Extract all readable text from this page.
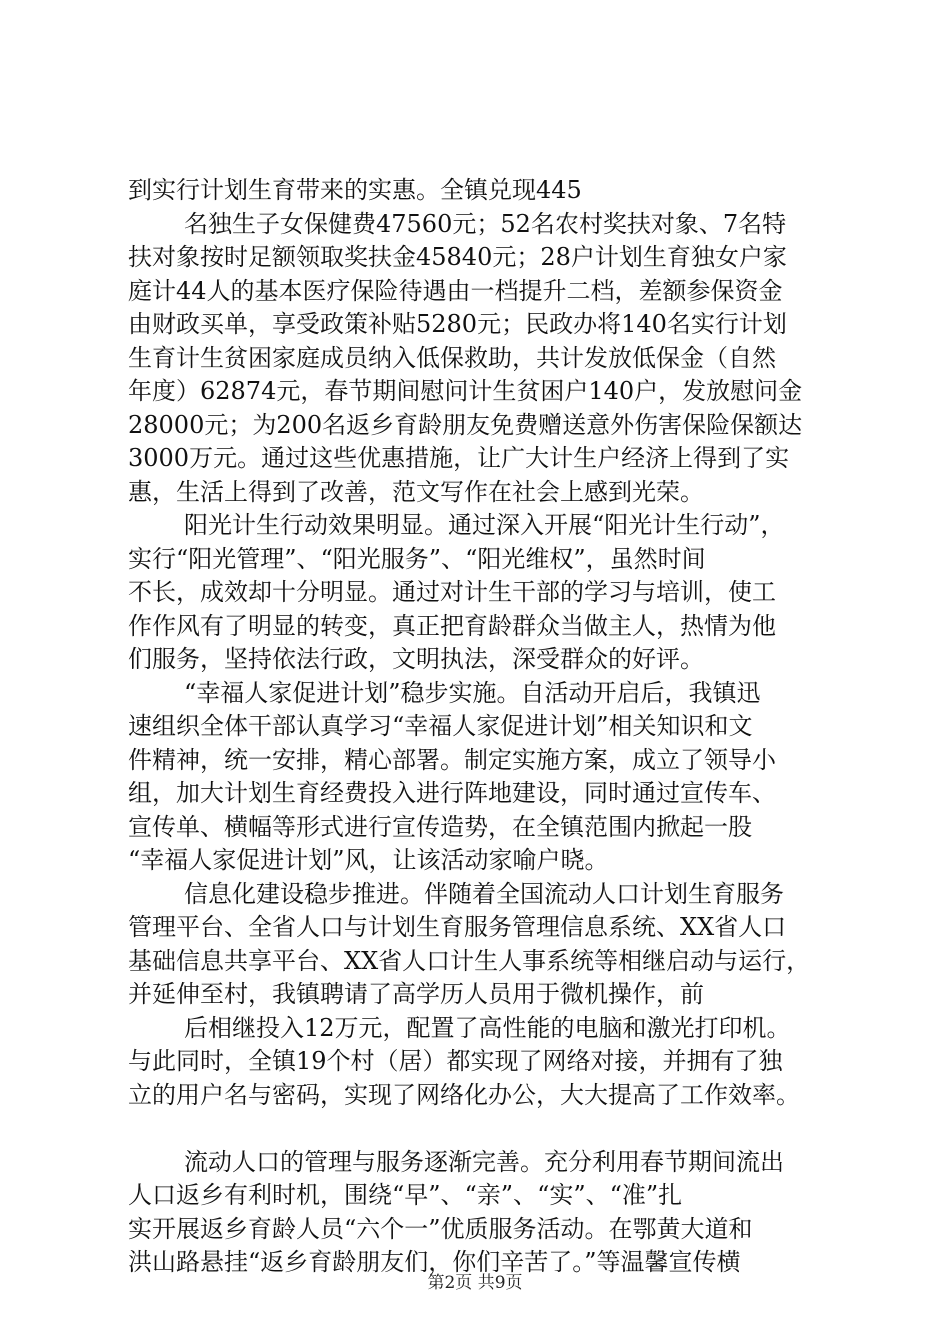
到实行计划生育带来的实惠。全镇兑现445
名独生子女保健费47560元；52名农村奖扶对象、7名特
扶对象按时足额领取奖扶金45840元；28户计划生育独女户家
庭计44人的基本医疗保险待遇由一档提升二档，差额参保资金
由财政买单，享受政策补贴5280元；民政办将140名实行计划
生育计生贫困家庭成员纳入低保救助，共计发放低保金（自然
年度）62874元，春节期间慰问计生贫困户140户，发放慰问金
28000元；为200名返乡育龄朋友免费赠送意外伤害保险保额达
3000万元。通过这些优惠措施，让广大计生户经济上得到了实
惠，生活上得到了改善，范文写作在社会上感到光荣。
阳光计生行动效果明显。通过深入开展“阳光计生行动”，
实行“阳光管理”、“阳光服务”、“阳光维权”，虽然时间
不长，成效却十分明显。通过对计生干部的学习与培训，使工
作作风有了明显的转变，真正把育龄群众当做主人，热情为他
们服务，坚持依法行政，文明执法，深受群众的好评。
“幸福人家促进计划”稳步实施。自活动开启后，我镇迅
速组织全体干部认真学习“幸福人家促进计划”相关知识和文
件精神，统一安排，精心部署。制定实施方案，成立了领导小
组，加大计划生育经费投入进行阵地建设，同时通过宣传车、
宣传单、横幅等形式进行宣传造势，在全镇范围内掀起一股
“幸福人家促进计划”风，让该活动家喻户晓。
信息化建设稳步推进。伴随着全国流动人口计划生育服务
管理平台、全省人口与计划生育服务管理信息系统、XX省人口
基础信息共享平台、XX省人口计生人事系统等相继启动与运行，
并延伸至村，我镇聘请了高学历人员用于微机操作，前
后相继投入12万元，配置了高性能的电脑和激光打印机。
与此同时，全镇19个村（居）都实现了网络对接，并拥有了独
立的用户名与密码，实现了网络化办公，大大提高了工作效率。
流动人口的管理与服务逐渐完善。充分利用春节期间流出
人口返乡有利时机，围绕“早”、“亲”、“实”、“准”扎
实开展返乡育龄人员“六个一”优质服务活动。在鄂黄大道和
洪山路悬挂“返乡育龄朋友们，你们辛苦了。”等温馨宣传横
第2页 共9页
